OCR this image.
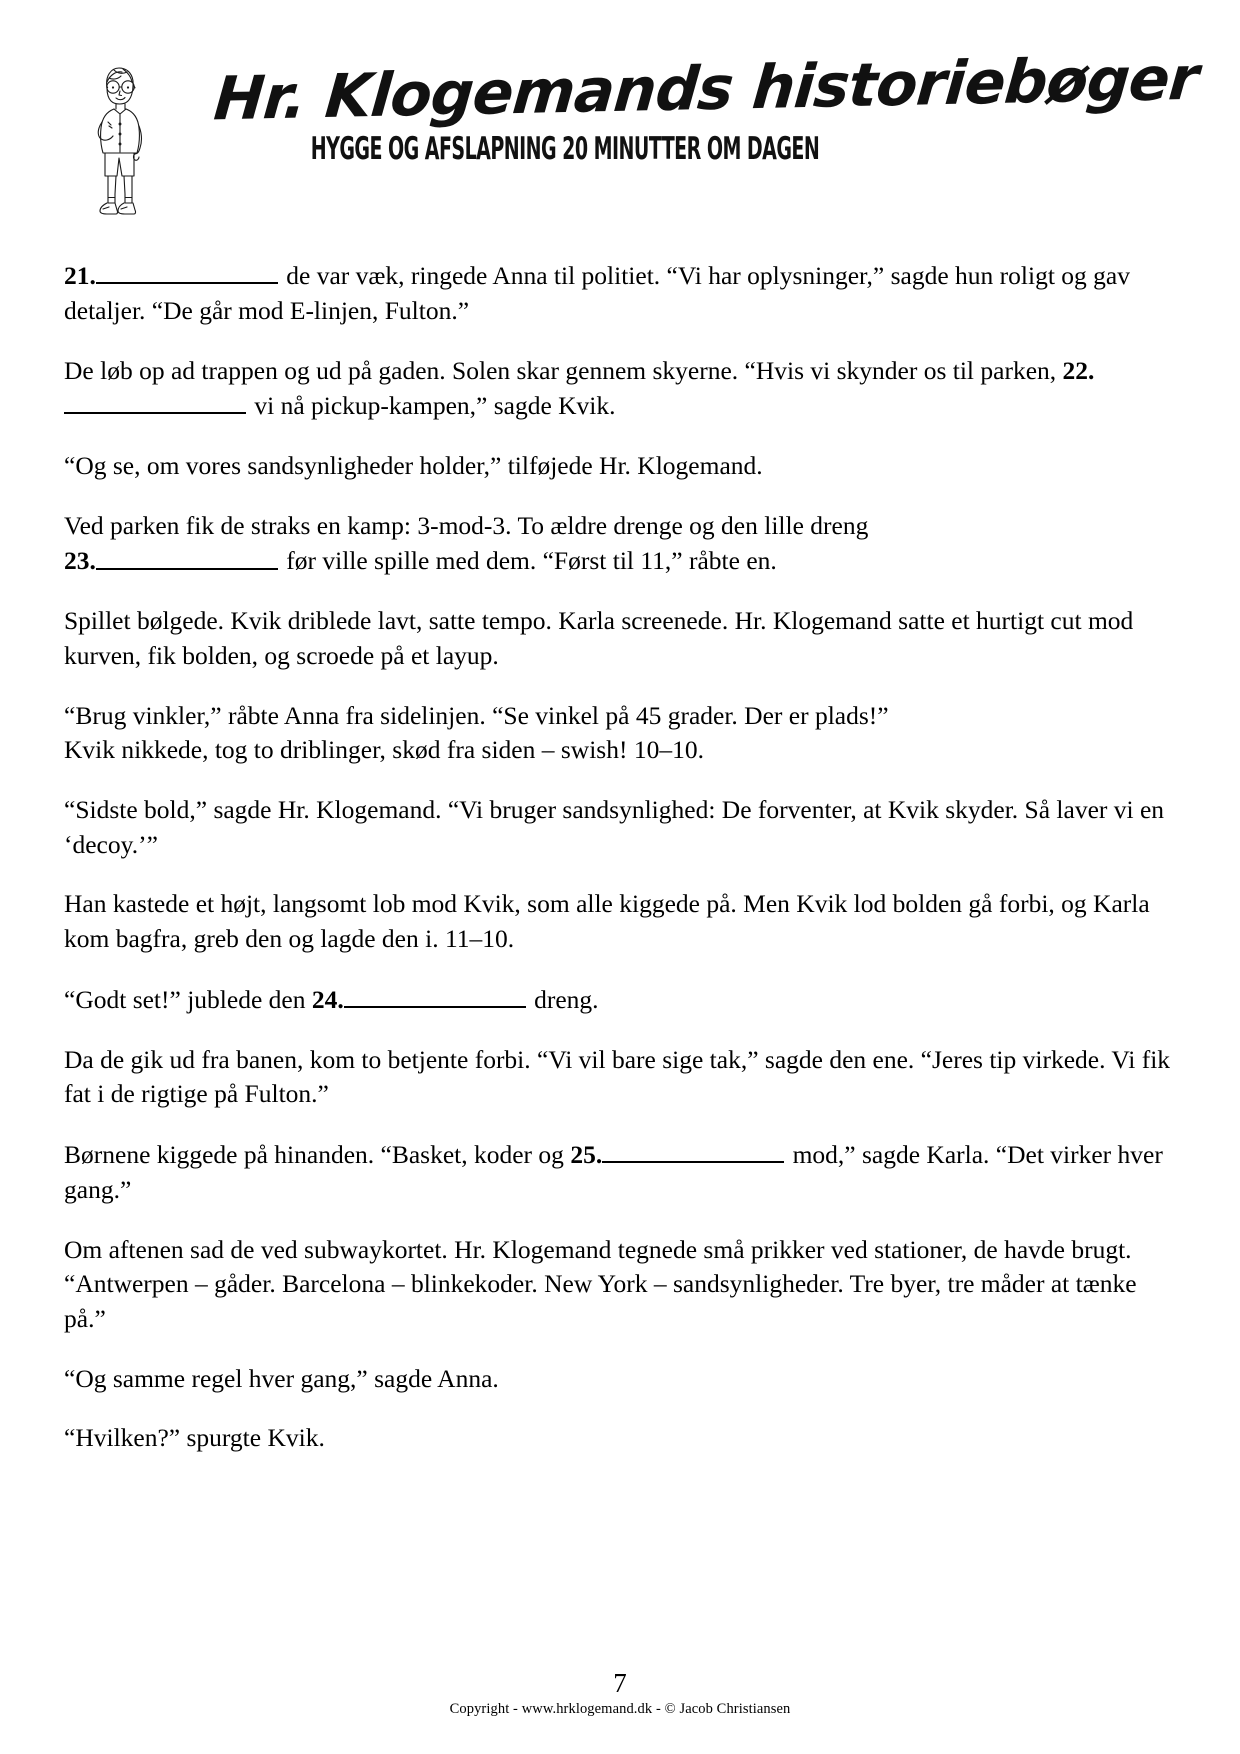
Hr. Klogemands historiebøger
HYGGE OG AFSLAPNING 20 MINUTTER OM DAGEN

21.	de var væk, ringede Anna til politiet. “Vi har oplysninger,” sagde hun roligt og gav detaljer. “De går mod E-linjen, Fulton.”

De løb op ad trappen og ud på gaden. Solen skar gennem skyerne. “Hvis vi skynder os til parken, 22. vi nå pickup-kampen,” sagde Kvik.

“Og se, om vores sandsynligheder holder,” tilføjede Hr. Klogemand.

Ved parken fik de straks en kamp: 3-mod-3. To ældre drenge og den lille dreng
23.	før ville spille med dem. “Først til 11,” råbte en.

Spillet bølgede. Kvik driblede lavt, satte tempo. Karla screenede. Hr. Klogemand satte et hurtigt cut mod kurven, fik bolden, og scroede på et layup.

“Brug vinkler,” råbte Anna fra sidelinjen. “Se vinkel på 45 grader. Der er plads!”
Kvik nikkede, tog to driblinger, skød fra siden – swish! 10–10.

“Sidste bold,” sagde Hr. Klogemand. “Vi bruger sandsynlighed: De forventer, at Kvik skyder. Så laver vi en ‘decoy.’”

Han kastede et højt, langsomt lob mod Kvik, som alle kiggede på. Men Kvik lod bolden gå forbi, og Karla kom bagfra, greb den og lagde den i. 11–10.

“Godt set!” jublede den 24.	dreng.

Da de gik ud fra banen, kom to betjente forbi. “Vi vil bare sige tak,” sagde den ene. “Jeres tip virkede. Vi fik fat i de rigtige på Fulton.”

Børnene kiggede på hinanden. “Basket, koder og 25.	mod,” sagde Karla. “Det virker hver gang.”

Om aftenen sad de ved subwaykortet. Hr. Klogemand tegnede små prikker ved stationer, de havde brugt. “Antwerpen – gåder. Barcelona – blinkekoder. New York – sandsynligheder. Tre byer, tre måder at tænke på.”

“Og samme regel hver gang,” sagde Anna.

“Hvilken?” spurgte Kvik.

7
Copyright - www.hrklogemand.dk - © Jacob Christiansen
